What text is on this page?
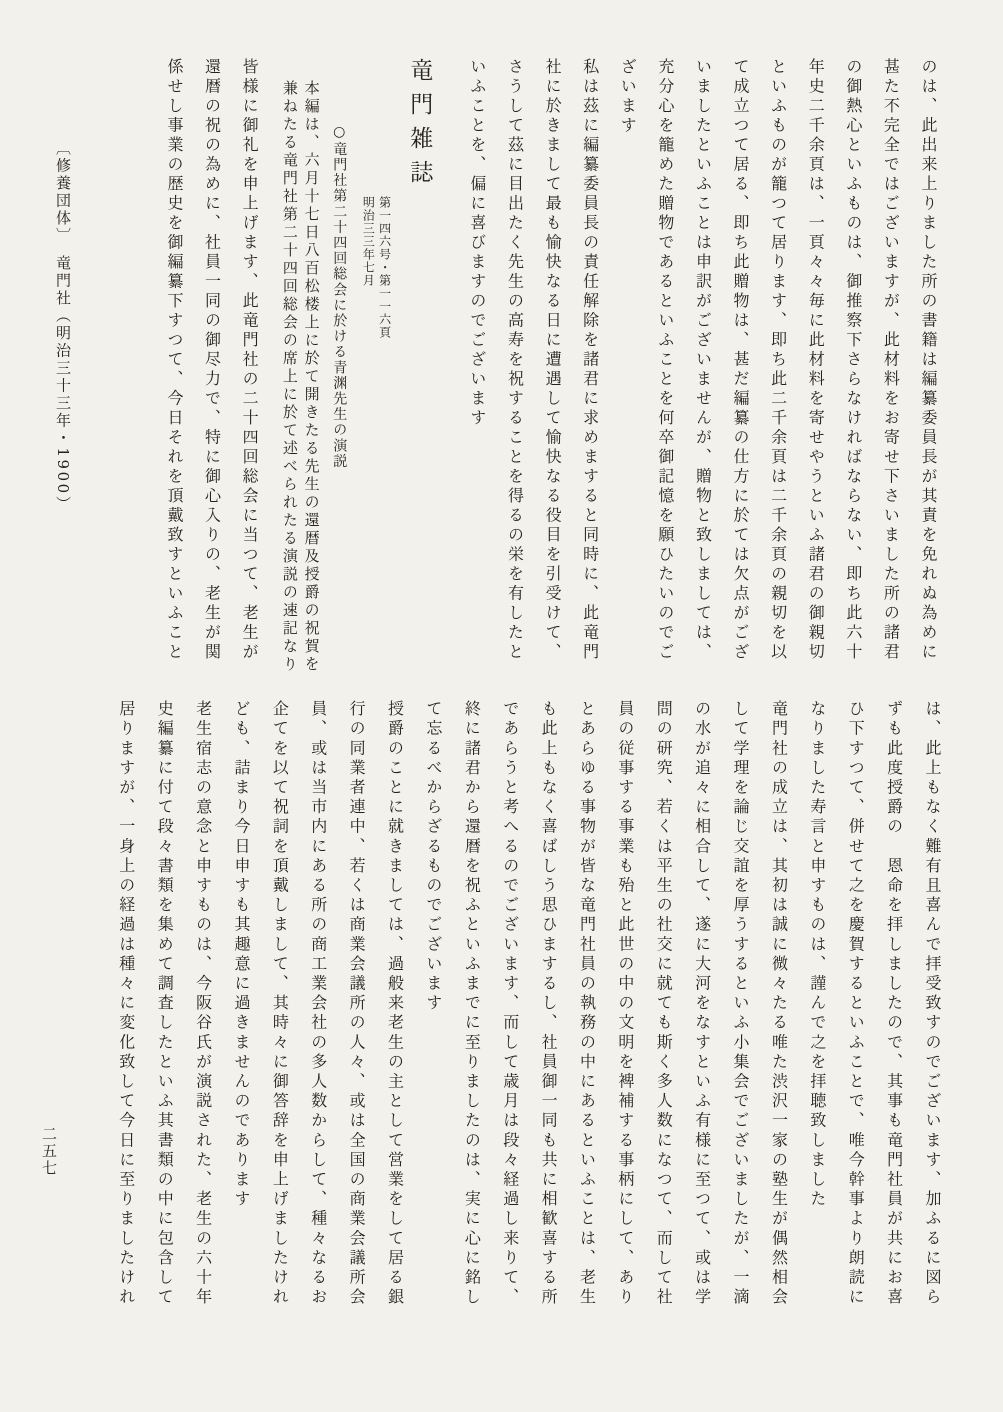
〔修養団体〕　竜門社（明治三十三年・1900）	のは、此出来上りました所の書籍は編纂委員長が其責を免れぬ為めに甚た不完全ではございますが、此材料をお寄せ下さいました所の諸君の御熱心といふものは、御推察下さらなければならない、即ち此六十年史二千余頁は、一頁々々毎に此材料を寄せやうといふ諸君の御親切といふものが籠つて居ります、即ち此二千余頁は二千余頁の親切を以て成立つて居る、即ち此贈物は、甚だ編纂の仕方に於ては欠点がございましたといふことは申訳がございませんが、贈物と致しましては、充分心を籠めた贈物であるといふことを何卒御記憶を願ひたいのでございます

私は茲に編纂委員長の責任解除を諸君に求めますると同時に、此竜門社に於きまして最も愉快なる日に遭遇して愉快なる役目を引受けて、さうして茲に目出たく先生の高寿を祝することを得るの栄を有したといふことを、偏に喜びますのでございます

竜門雑誌
第一四六号・第一一六頁
明治三三年七月
○竜門社第二十四回総会に於ける青渊先生の演説

本編は、六月十七日八百松楼上に於て開きたる先生の還暦及授爵の祝賀を兼ねたる竜門社第二十四回総会の席上に於て述べられたる演説の速記なり

皆様に御礼を申上げます、此竜門社の二十四回総会に当つて、老生が還暦の祝の為めに、社員一同の御尽力で、特に御心入りの、老生が関係せし事業の歴史を御編纂下すつて、今日それを頂戴致すといふこと

は、此上もなく難有且喜んで拝受致すのでございます、加ふるに図らずも此度授爵の　恩命を拝しましたので、其事も竜門社員が共にお喜ひ下すつて、併せて之を慶賀するといふことで、唯今幹事より朗読になりました寿言と申すものは、謹んで之を拝聴致しました

竜門社の成立は、其初は誠に微々たる唯た渋沢一家の塾生が偶然相会して学理を論じ交誼を厚うするといふ小集会でございましたが、一滴の水が追々に相合して、遂に大河をなすといふ有様に至つて、或は学問の研究、若くは平生の社交に就ても斯く多人数になつて、而して社員の従事する事業も殆と此世の中の文明を裨補する事柄にして、ありとあらゆる事物が皆な竜門社員の執務の中にあるといふことは、老生も此上もなく喜ばしう思ひまするし、社員御一同も共に相歓喜する所であらうと考へるのでございます、而して歳月は段々経過し来りて、終に諸君から還暦を祝ふといふまでに至りましたのは、実に心に銘して忘るべからざるものでございます

授爵のことに就きましては、過般来老生の主として営業をして居る銀行の同業者連中、若くは商業会議所の人々、或は全国の商業会議所会員、或は当市内にある所の商工業会社の多人数からして、種々なるお企てを以て祝詞を頂戴しまして、其時々に御答辞を申上げましたけれども、詰まり今日申すも其趣意に過きませんのであります

老生宿志の意念と申すものは、今阪谷氏が演説された、老生の六十年史編纂に付て段々書類を集めて調査したといふ其書類の中に包含して居りますが、一身上の経過は種々に変化致して今日に至りましたけれ

二五七
